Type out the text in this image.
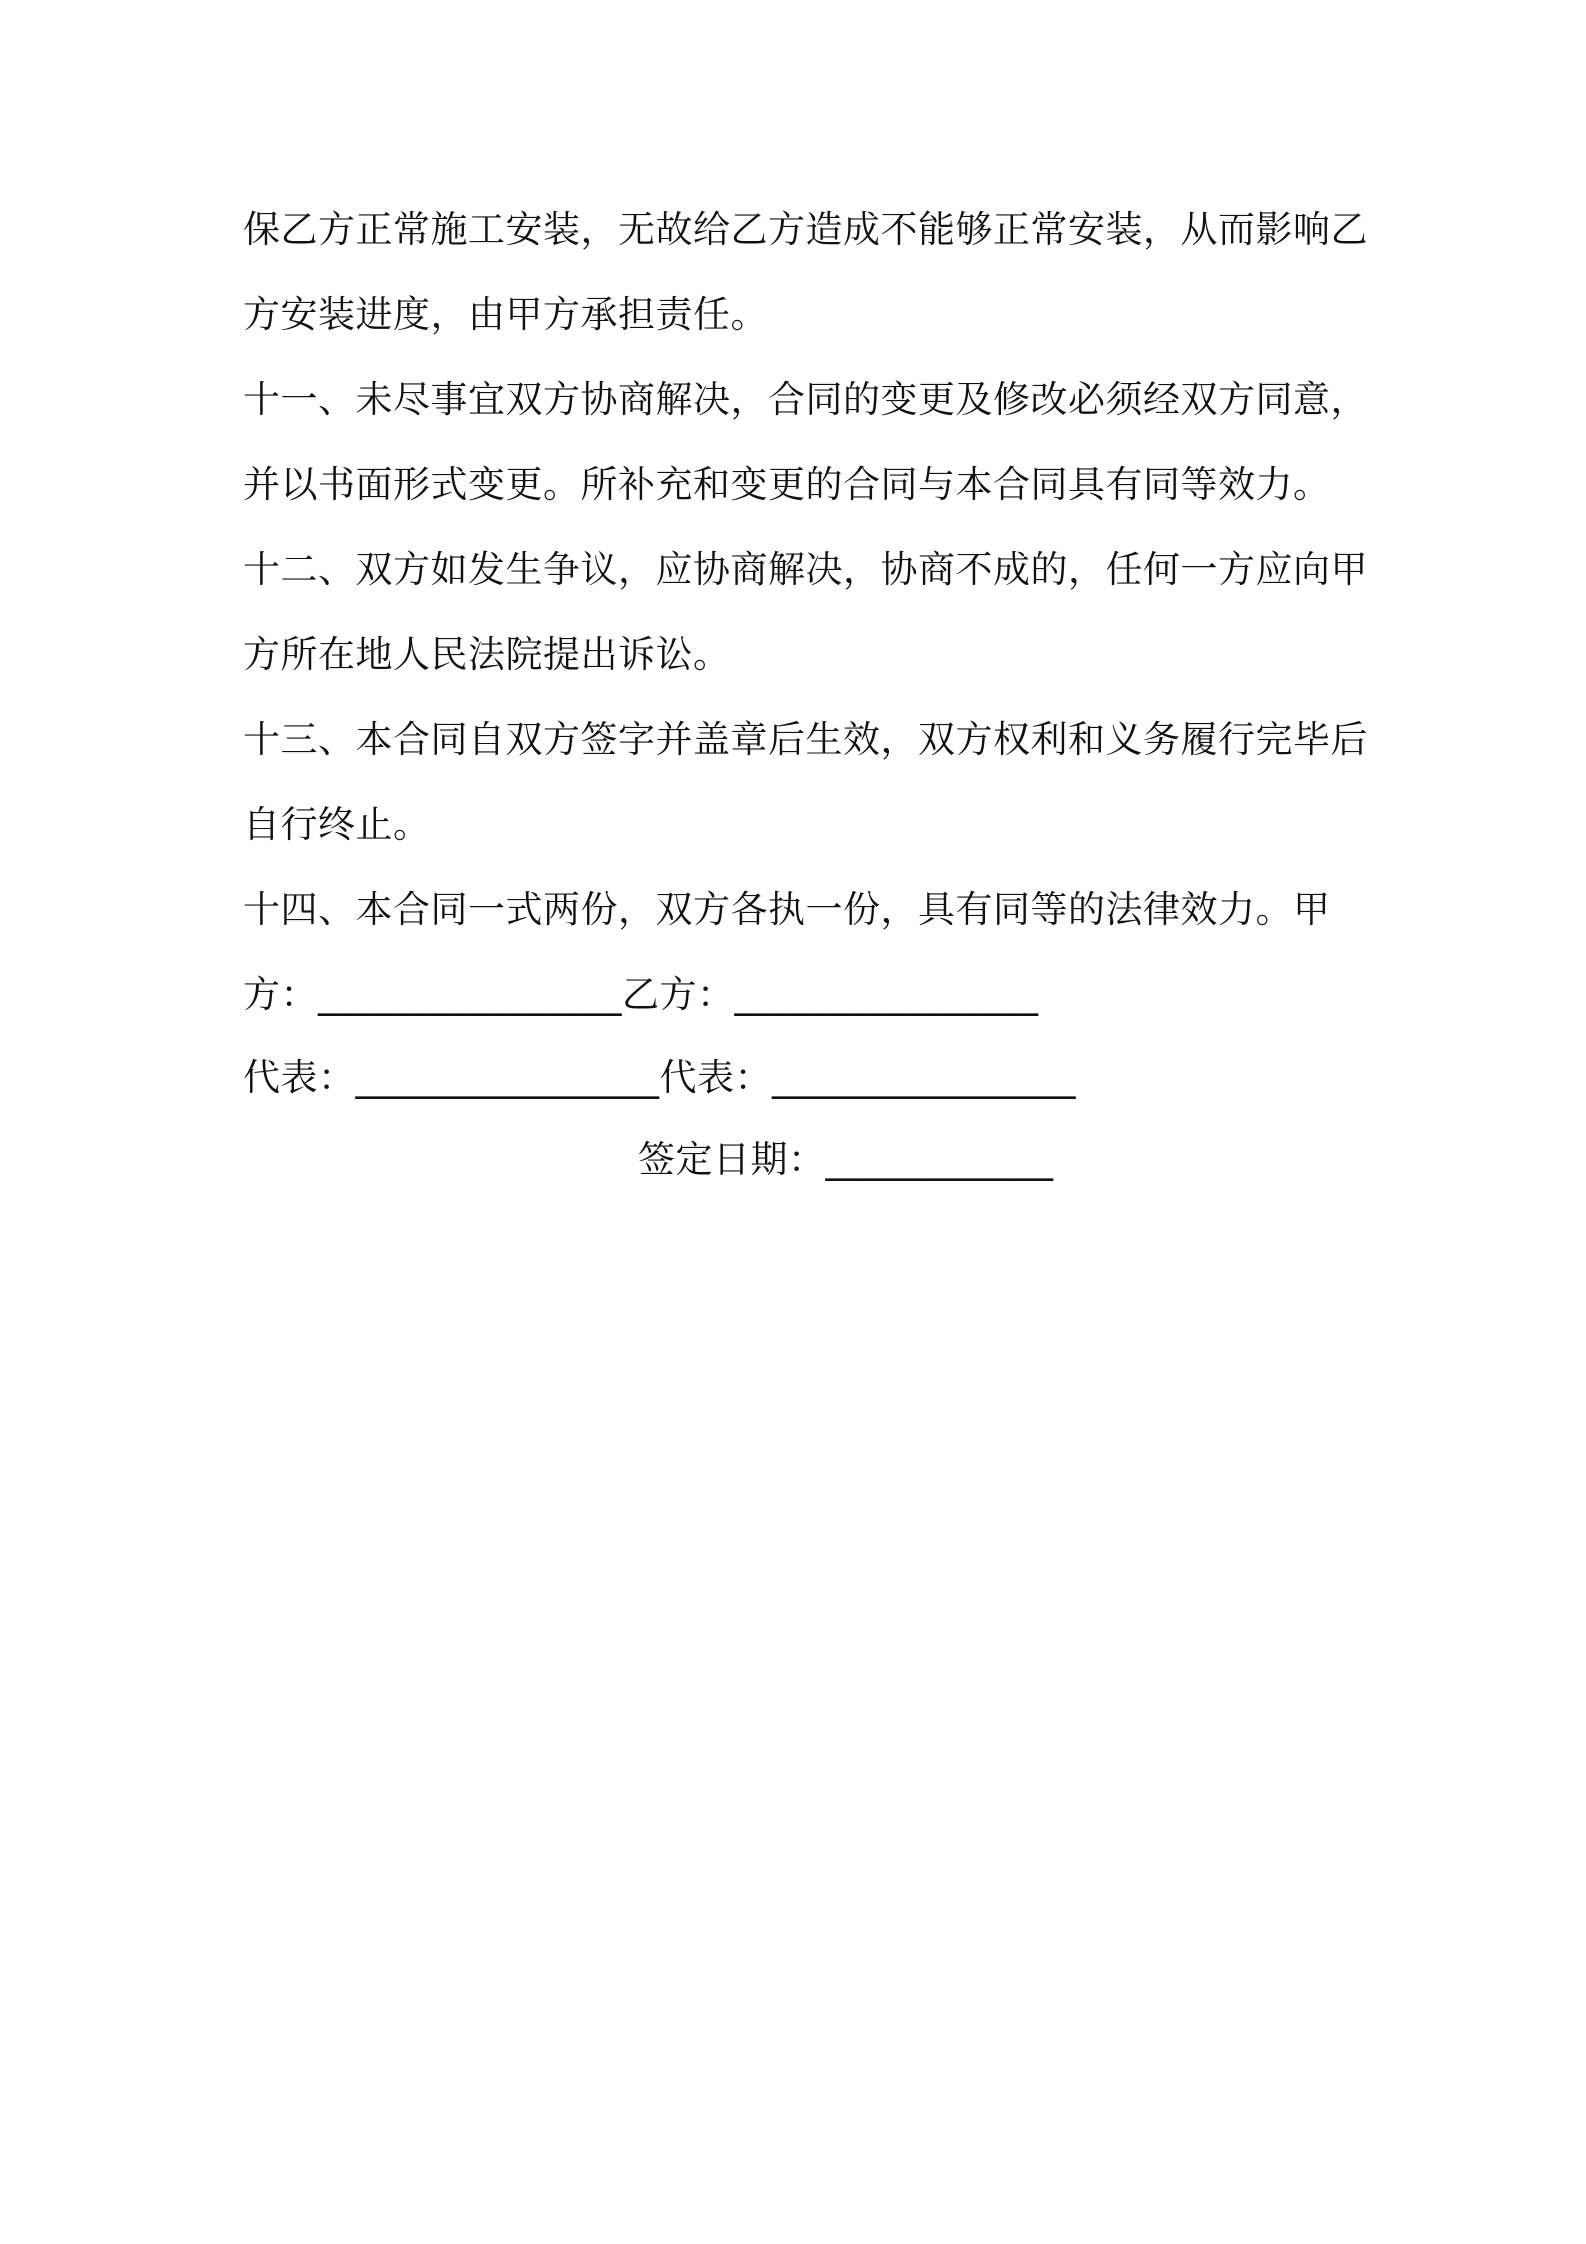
保乙方正常施工安装，无故给乙方造成不能够正常安装，从而影响乙
方安装进度，由甲方承担责任。
十一、未尽事宜双方协商解决，合同的变更及修改必须经双方同意，
并以书面形式变更。所补充和变更的合同与本合同具有同等效力。
十二、双方如发生争议，应协商解决，协商不成的，任何一方应向甲
方所在地人民法院提出诉讼。
十三、本合同自双方签字并盖章后生效，双方权利和义务履行完毕后
自行终止。
十四、本合同一式两份，双方各执一份，具有同等的法律效力。甲
方：________________乙方：________________
代表：________________代表：________________
签定日期：____________
